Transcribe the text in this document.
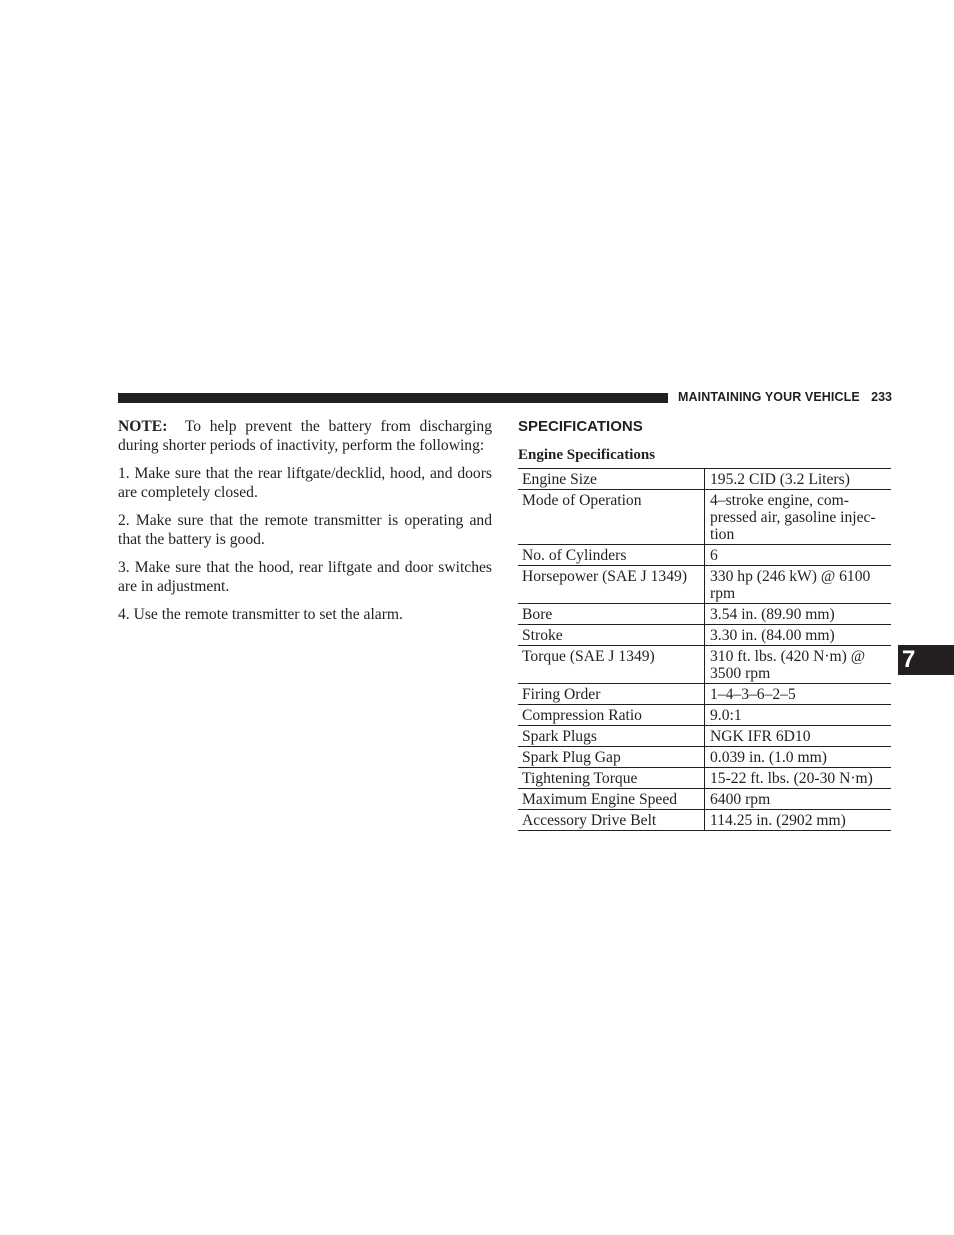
MAINTAINING YOUR VEHICLE 233

NOTE: To help prevent the battery from discharging during shorter periods of inactivity, perform the following:

1. Make sure that the rear liftgate/decklid, hood, and doors are completely closed.

2. Make sure that the remote transmitter is operating and that the battery is good.

3. Make sure that the hood, rear liftgate and door switches are in adjustment.

4. Use the remote transmitter to set the alarm.

SPECIFICATIONS
Engine Specifications
Engine Size	195.2 CID (3.2 Liters)
Mode of Operation	4–stroke engine, com-
pressed air, gasoline injec-
tion
No. of Cylinders	6
Horsepower (SAE J 1349)	330 hp (246 kW) @ 6100 rpm
Bore	3.54 in. (89.90 mm)
Stroke	3.30 in. (84.00 mm)
Torque (SAE J 1349)	310 ft. lbs. (420 N·m) @ 3500 rpm
Firing Order	1–4–3–6–2–5
Compression Ratio	9.0:1
Spark Plugs	NGK IFR 6D10
Spark Plug Gap	0.039 in. (1.0 mm)
Tightening Torque	15-22 ft. lbs. (20-30 N·m)
Maximum Engine Speed	6400 rpm
Accessory Drive Belt	114.25 in. (2902 mm)
7
